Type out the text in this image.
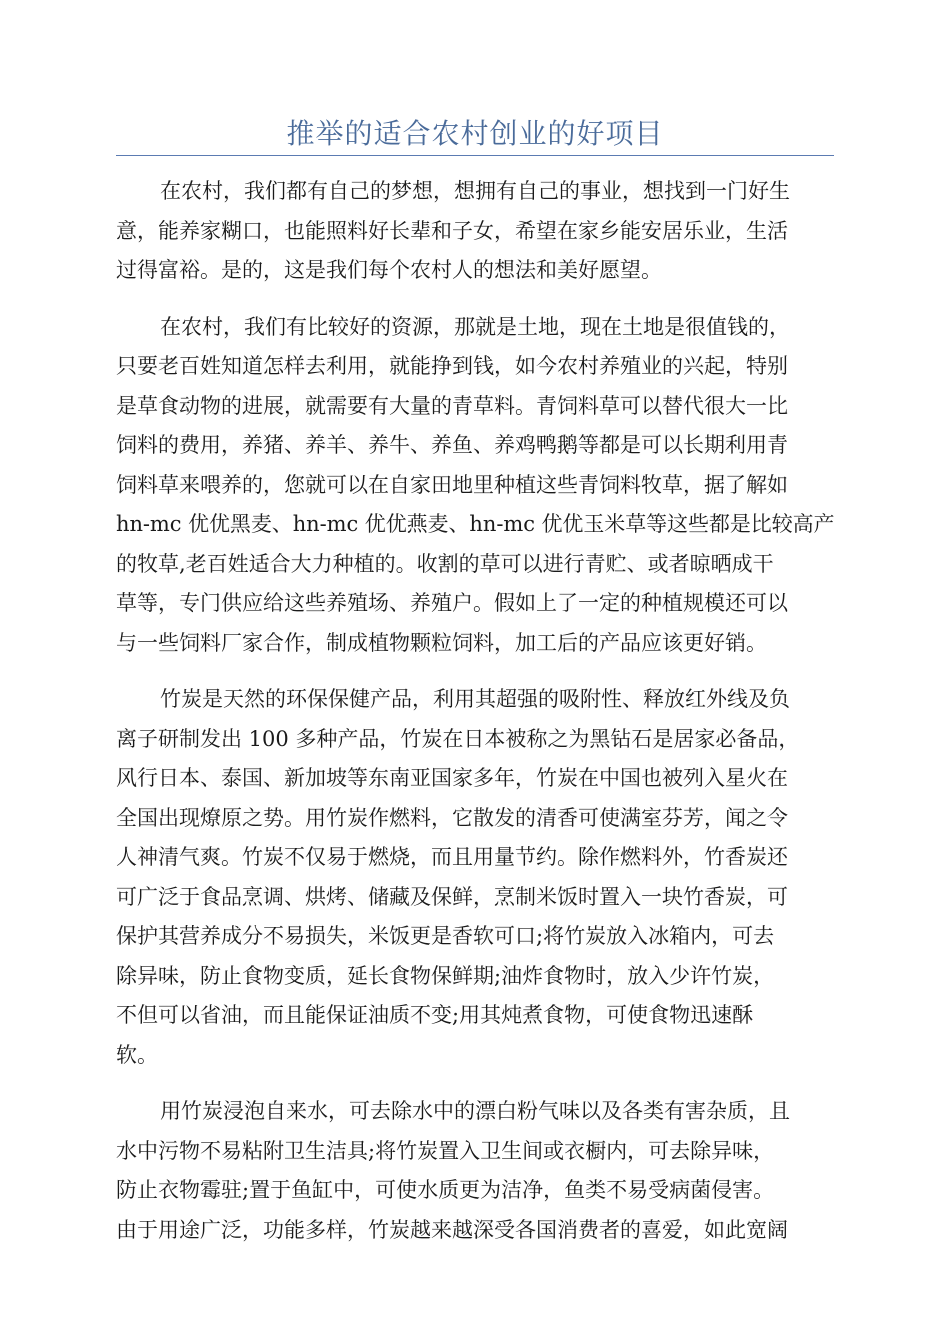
推举的适合农村创业的好项目
在农村，我们都有自己的梦想，想拥有自己的事业，想找到一门好生
意，能养家糊口，也能照料好长辈和子女，希望在家乡能安居乐业，生活
过得富裕。是的，这是我们每个农村人的想法和美好愿望。
在农村，我们有比较好的资源，那就是土地，现在土地是很值钱的，
只要老百姓知道怎样去利用，就能挣到钱，如今农村养殖业的兴起，特别
是草食动物的进展，就需要有大量的青草料。青饲料草可以替代很大一比
饲料的费用，养猪、养羊、养牛、养鱼、养鸡鸭鹅等都是可以长期利用青
饲料草来喂养的，您就可以在自家田地里种植这些青饲料牧草，据了解如
hn-mc 优优黑麦、hn-mc 优优燕麦、hn-mc 优优玉米草等这些都是比较高产
的牧草,老百姓适合大力种植的。收割的草可以进行青贮、或者晾晒成干
草等，专门供应给这些养殖场、养殖户。假如上了一定的种植规模还可以
与一些饲料厂家合作，制成植物颗粒饲料，加工后的产品应该更好销。
竹炭是天然的环保保健产品，利用其超强的吸附性、释放红外线及负
离子研制发出 100 多种产品，竹炭在日本被称之为黑钻石是居家必备品，
风行日本、泰国、新加坡等东南亚国家多年，竹炭在中国也被列入星火在
全国出现燎原之势。用竹炭作燃料，它散发的清香可使满室芬芳，闻之令
人神清气爽。竹炭不仅易于燃烧，而且用量节约。除作燃料外，竹香炭还
可广泛于食品烹调、烘烤、储藏及保鲜，烹制米饭时置入一块竹香炭，可
保护其营养成分不易损失，米饭更是香软可口;将竹炭放入冰箱内，可去
除异味，防止食物变质，延长食物保鲜期;油炸食物时，放入少许竹炭，
不但可以省油，而且能保证油质不变;用其炖煮食物，可使食物迅速酥
软。
用竹炭浸泡自来水，可去除水中的漂白粉气味以及各类有害杂质，且
水中污物不易粘附卫生洁具;将竹炭置入卫生间或衣橱内，可去除异味，
防止衣物霉驻;置于鱼缸中，可使水质更为洁净，鱼类不易受病菌侵害。
由于用途广泛，功能多样，竹炭越来越深受各国消费者的喜爱，如此宽阔
